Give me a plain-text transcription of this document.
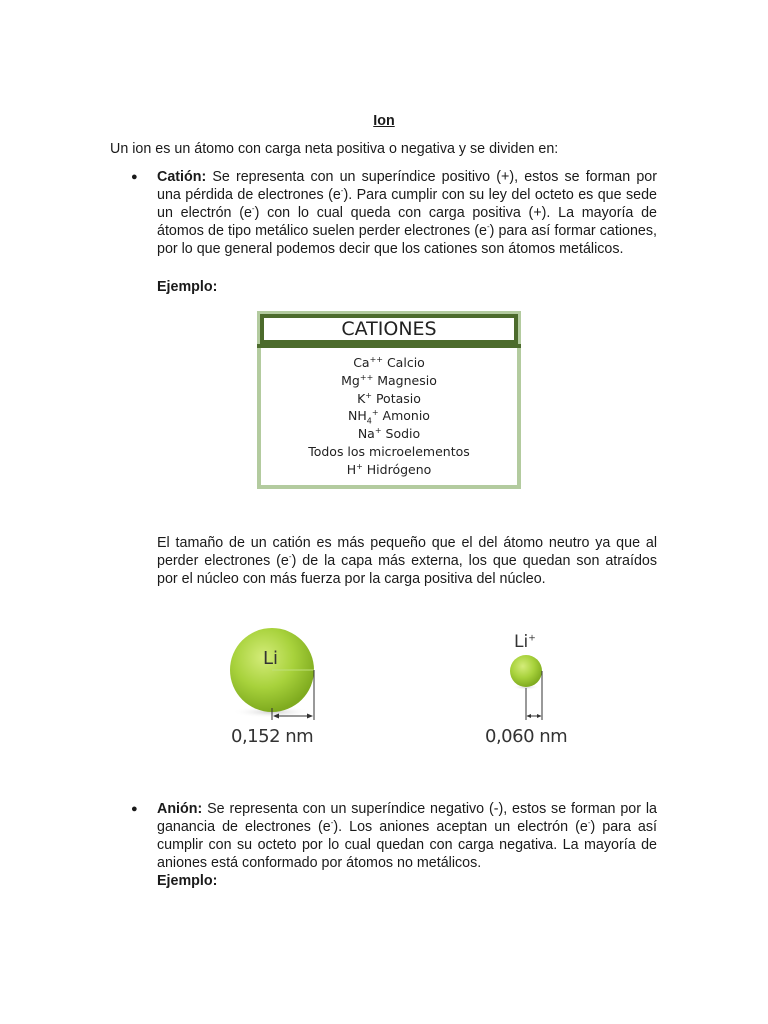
Ion
Un ion es un átomo con carga neta positiva o negativa y se dividen en:
● Catión: Se representa con un superíndice positivo (+), estos se forman por una pérdida de electrones (e-). Para cumplir con su ley del octeto es que sede un electrón (e-) con lo cual queda con carga positiva (+). La mayoría de átomos de tipo metálico suelen perder electrones (e-) para así formar cationes, por lo que general podemos decir que los cationes son átomos metálicos.
Ejemplo:
CATIONES
Ca++ Calcio
Mg++ Magnesio
K+ Potasio
$NH_4^+$ Amonio
Na+ Sodio
Todos los microelementos
H+ Hidrógeno
El tamaño de un catión es más pequeño que el del átomo neutro ya que al perder electrones (e-) de la capa más externa, los que quedan son atraídos por el núcleo con más fuerza por la carga positiva del núcleo.
Li
0,152 nm
Li+
0,060 nm
● Anión: Se representa con un superíndice negativo (-), estos se forman por la ganancia de electrones (e-). Los aniones aceptan un electrón (e-) para así cumplir con su octeto por lo cual quedan con carga negativa. La mayoría de aniones está conformado por átomos no metálicos.
Ejemplo:
